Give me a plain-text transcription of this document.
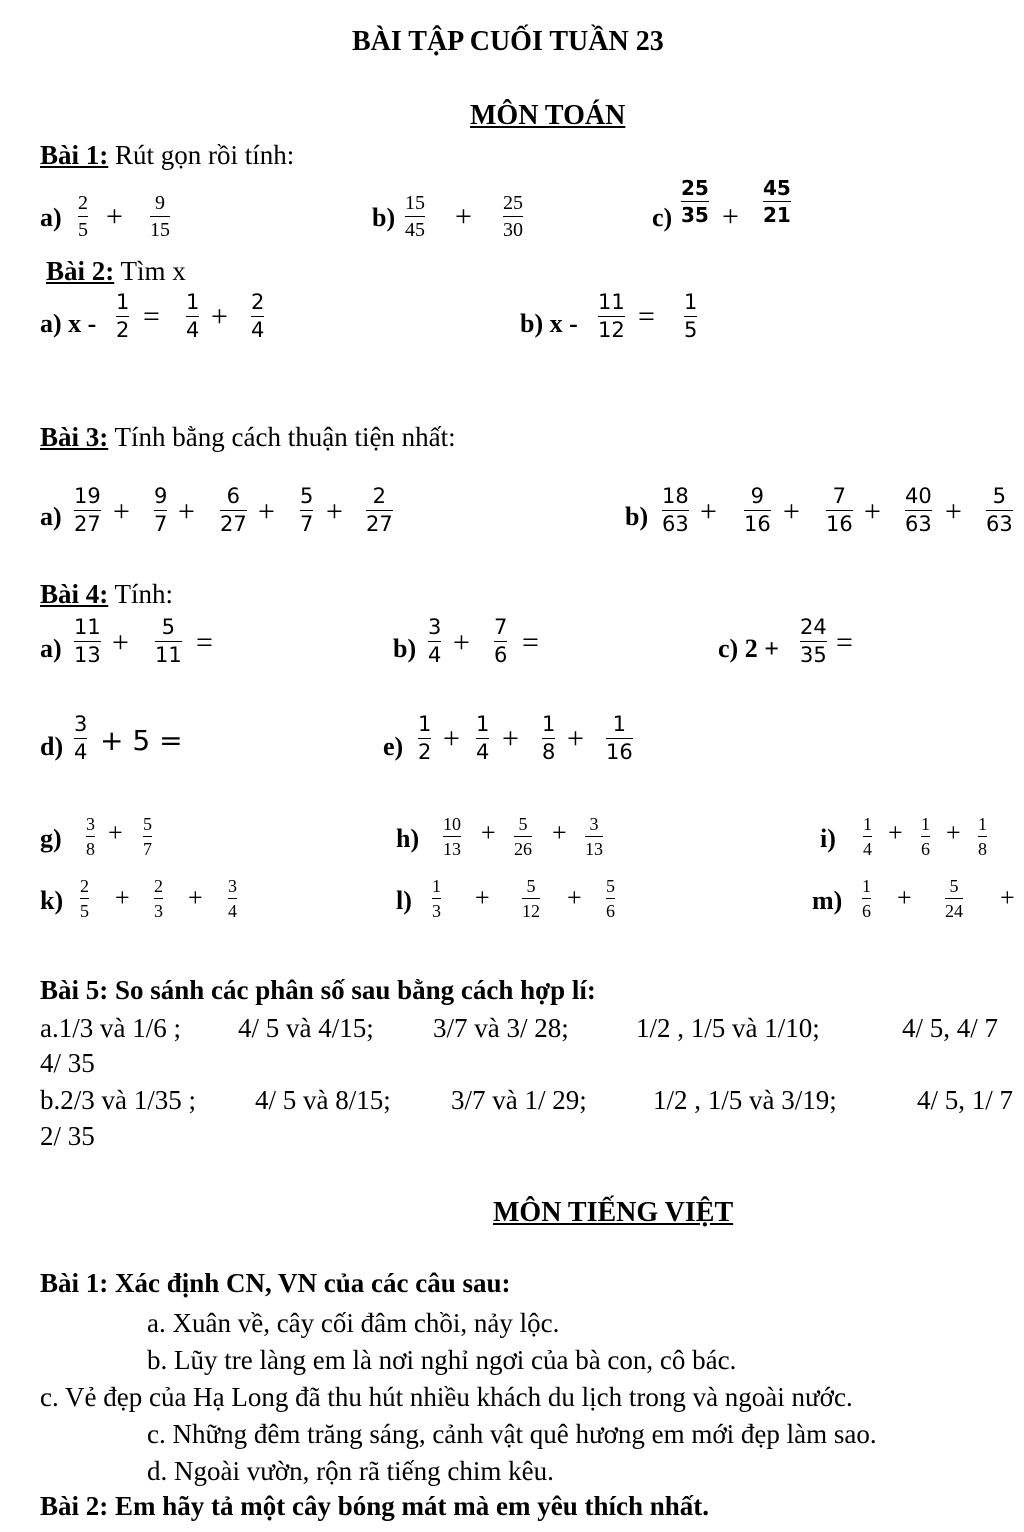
BÀI TẬP CUỐI TUẦN 23
MÔN TOÁN
Bài 1: Rút gọn rồi tính:
a) 2
5 + 9
15	b) 15
45 + 25
30	c)
25
35 +
45
21
Bài 2: Tìm x
a) x -
1
2 = 1
4 + 2
4	b) x -
11
12 = 1
5
Bài 3: Tính bằng cách thuận tiện nhất:
a)
19
27 + 9
7 +	6
27 + 5
7 +	2
27	b)
18
63 +	9
16 +	7
16 + 40
63 +	5
63
Bài 4: Tính:
a)
11
13 +	5
11 =	b)
3
4 + 7
6 =	c) 2 +
24
35 =
d)
3
4 + 5 =	e)
1
2 + 1
4 + 1
8 +	1
16
g) 3
8
+ 5
7	h) 10
13
+ 5
26
+ 3
13	i) 1
4
+ 1
6
+ 1
8
k) 2
5 + 2
3 + 3
4	l) 1
3 + 5
12 + 5
6	m) 1
6 + 5
24 +
Bài 5: So sánh các phân số sau bằng cách hợp lí:
a.1/3 và 1/6 ; 4/ 5 và 4/15; 3/7 và 3/ 28; 1/2 , 1/5 và 1/10;	4/ 5, 4/ 7
4/ 35
b.2/3 và 1/35 ; 4/ 5 và 8/15; 3/7 và 1/ 29; 1/2 , 1/5 và 3/19;	4/ 5, 1/ 7
2/ 35
MÔN TIẾNG VIỆT
Bài 1: Xác định CN, VN của các câu sau:
a. Xuân về, cây cối đâm chồi, nảy lộc.
b. Lũy tre làng em là nơi nghỉ ngơi của bà con, cô bác.
c. Vẻ đẹp của Hạ Long đã thu hút nhiều khách du lịch trong và ngoài nước.
c. Những đêm trăng sáng, cảnh vật quê hương em mới đẹp làm sao.
d. Ngoài vườn, rộn rã tiếng chim kêu.
Bài 2: Em hãy tả một cây bóng mát mà em yêu thích nhất.
